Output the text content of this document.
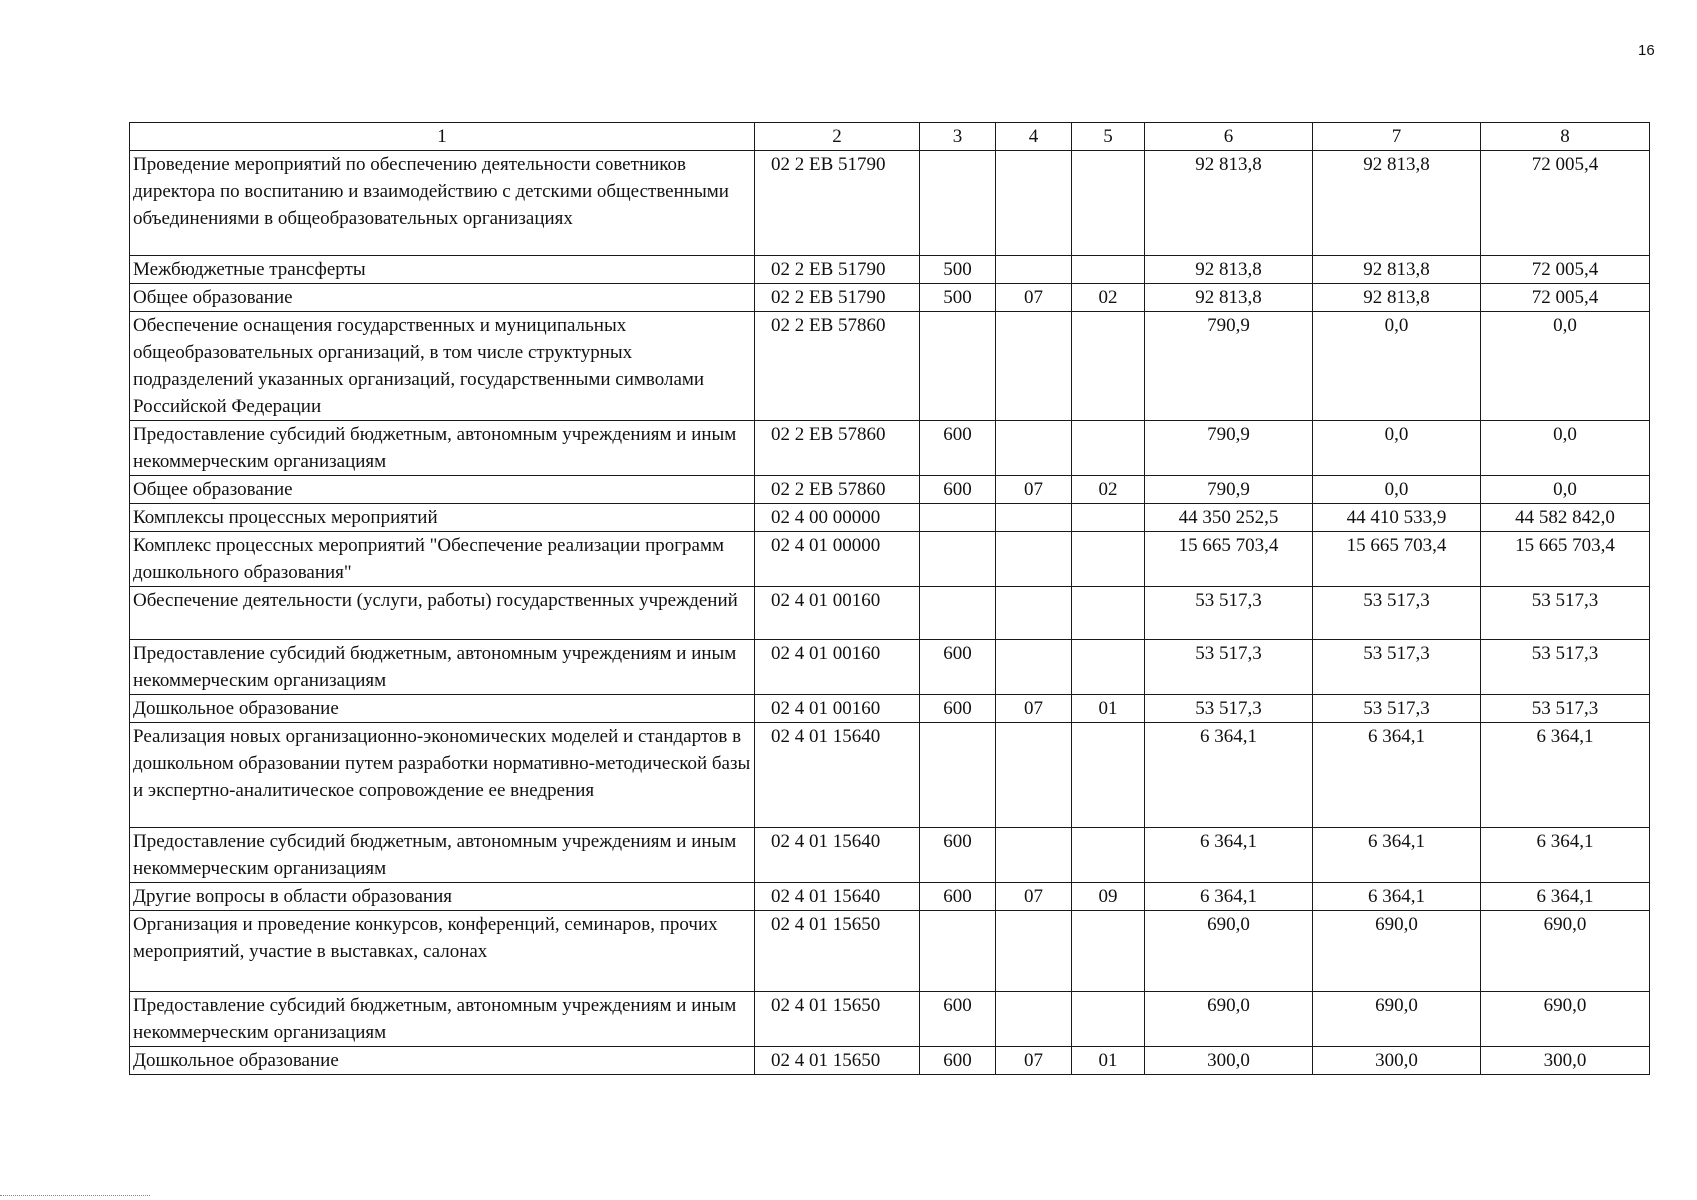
16
1	2	3	4	5	6	7	8
Проведение мероприятий по обеспечению деятельности советников директора по воспитанию и взаимодействию с детскими общественными объединениями в общеобразовательных организациях	02 2 ЕВ 51790				92 813,8	92 813,8	72 005,4
Межбюджетные трансферты	02 2 ЕВ 51790	500			92 813,8	92 813,8	72 005,4
Общее образование	02 2 ЕВ 51790	500	07	02	92 813,8	92 813,8	72 005,4
Обеспечение оснащения государственных и муниципальных общеобразовательных организаций, в том числе структурных подразделений указанных организаций, государственными символами Российской Федерации	02 2 ЕВ 57860				790,9	0,0	0,0
Предоставление субсидий бюджетным, автономным учреждениям и иным некоммерческим организациям	02 2 ЕВ 57860	600			790,9	0,0	0,0
Общее образование	02 2 ЕВ 57860	600	07	02	790,9	0,0	0,0
Комплексы процессных мероприятий	02 4 00 00000				44 350 252,5	44 410 533,9	44 582 842,0
Комплекс процессных мероприятий "Обеспечение реализации программ дошкольного образования"	02 4 01 00000				15 665 703,4	15 665 703,4	15 665 703,4
Обеспечение деятельности (услуги, работы) государственных учреждений	02 4 01 00160				53 517,3	53 517,3	53 517,3
Предоставление субсидий бюджетным, автономным учреждениям и иным некоммерческим организациям	02 4 01 00160	600			53 517,3	53 517,3	53 517,3
Дошкольное образование	02 4 01 00160	600	07	01	53 517,3	53 517,3	53 517,3
Реализация новых организационно-экономических моделей и стандартов в дошкольном образовании путем разработки нормативно-методической базы и экспертно-аналитическое сопровождение ее внедрения	02 4 01 15640				6 364,1	6 364,1	6 364,1
Предоставление субсидий бюджетным, автономным учреждениям и иным некоммерческим организациям	02 4 01 15640	600			6 364,1	6 364,1	6 364,1
Другие вопросы в области образования	02 4 01 15640	600	07	09	6 364,1	6 364,1	6 364,1
Организация и проведение конкурсов, конференций, семинаров, прочих мероприятий, участие в выставках, салонах	02 4 01 15650				690,0	690,0	690,0
Предоставление субсидий бюджетным, автономным учреждениям и иным некоммерческим организациям	02 4 01 15650	600			690,0	690,0	690,0
Дошкольное образование	02 4 01 15650	600	07	01	300,0	300,0	300,0
